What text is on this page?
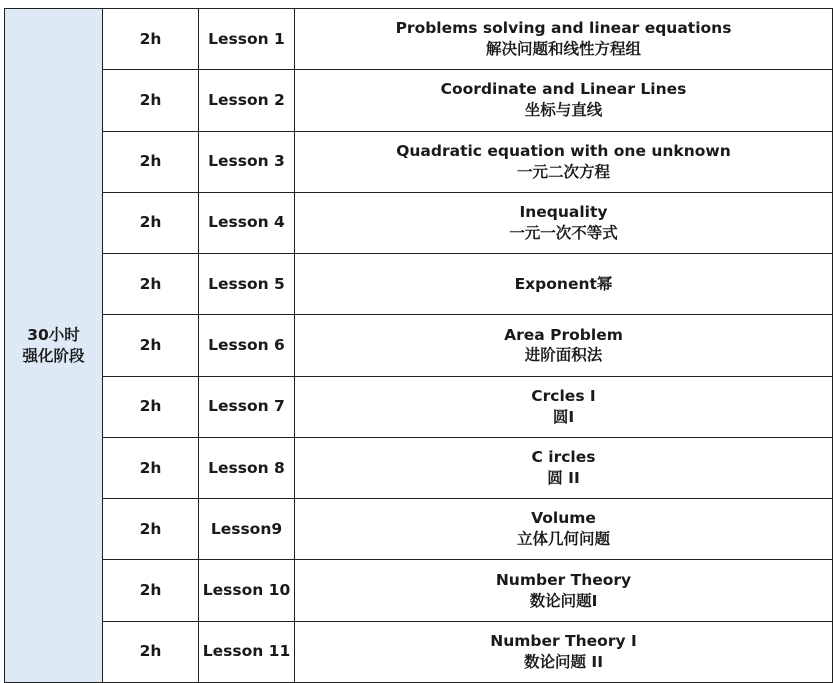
30小时
强化阶段	2h	Lesson 1	Problems solving and linear equations
解决问题和线性方程组

	2h	Lesson 2	Coordinate and Linear Lines
坐标与直线

	2h	Lesson 3	Quadratic equation with one unknown
一元二次方程

	2h	Lesson 4	Inequality
一元一次不等式

	2h	Lesson 5	Exponent幂

	2h	Lesson 6	Area Problem
进阶面积法

	2h	Lesson 7	Crcles I
圆I

	2h	Lesson 8	C ircles
圆 II

	2h	Lesson9	Volume
立体几何问题

	2h	Lesson 10	Number Theory
数论问题I

	2h	Lesson 11	Number Theory I
数论问题 II
